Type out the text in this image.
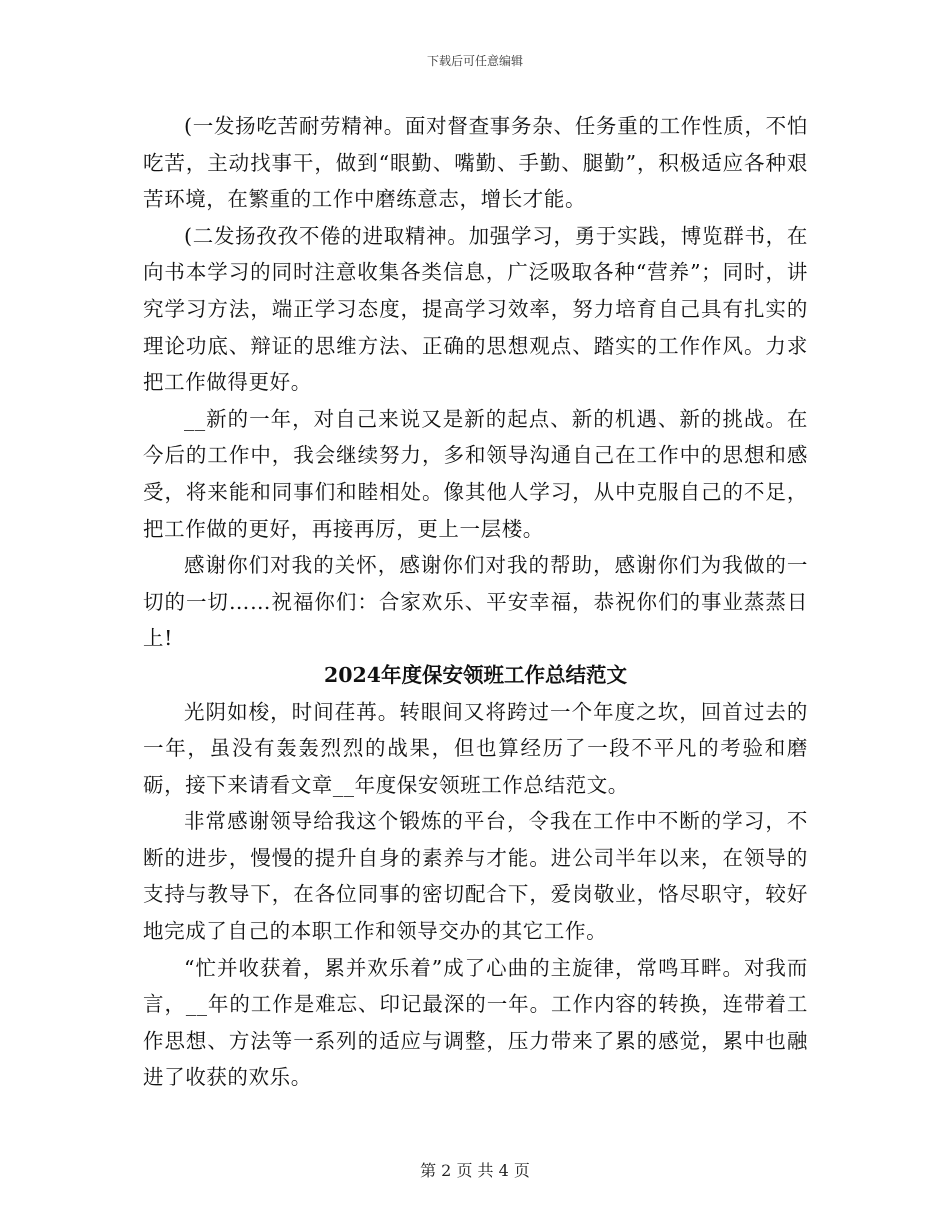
下载后可任意编辑

(一发扬吃苦耐劳精神。面对督查事务杂、任务重的工作性质，不怕吃苦，主动找事干，做到“眼勤、嘴勤、手勤、腿勤”，积极适应各种艰苦环境，在繁重的工作中磨练意志，增长才能。

(二发扬孜孜不倦的进取精神。加强学习，勇于实践，博览群书，在向书本学习的同时注意收集各类信息，广泛吸取各种“营养”；同时，讲究学习方法，端正学习态度，提高学习效率，努力培育自己具有扎实的理论功底、辩证的思维方法、正确的思想观点、踏实的工作作风。力求把工作做得更好。

__新的一年，对自己来说又是新的起点、新的机遇、新的挑战。在今后的工作中，我会继续努力，多和领导沟通自己在工作中的思想和感受，将来能和同事们和睦相处。像其他人学习，从中克服自己的不足，把工作做的更好，再接再厉，更上一层楼。

感谢你们对我的关怀，感谢你们对我的帮助，感谢你们为我做的一切的一切……祝福你们：合家欢乐、平安幸福，恭祝你们的事业蒸蒸日上!

2024年度保安领班工作总结范文

光阴如梭，时间荏苒。转眼间又将跨过一个年度之坎，回首过去的一年，虽没有轰轰烈烈的战果，但也算经历了一段不平凡的考验和磨砺，接下来请看文章__年度保安领班工作总结范文。

非常感谢领导给我这个锻炼的平台，令我在工作中不断的学习，不断的进步，慢慢的提升自身的素养与才能。进公司半年以来，在领导的支持与教导下，在各位同事的密切配合下，爱岗敬业，恪尽职守，较好地完成了自己的本职工作和领导交办的其它工作。

“忙并收获着，累并欢乐着”成了心曲的主旋律，常鸣耳畔。对我而言，__年的工作是难忘、印记最深的一年。工作内容的转换，连带着工作思想、方法等一系列的适应与调整，压力带来了累的感觉，累中也融进了收获的欢乐。

第 2 页 共 4 页
